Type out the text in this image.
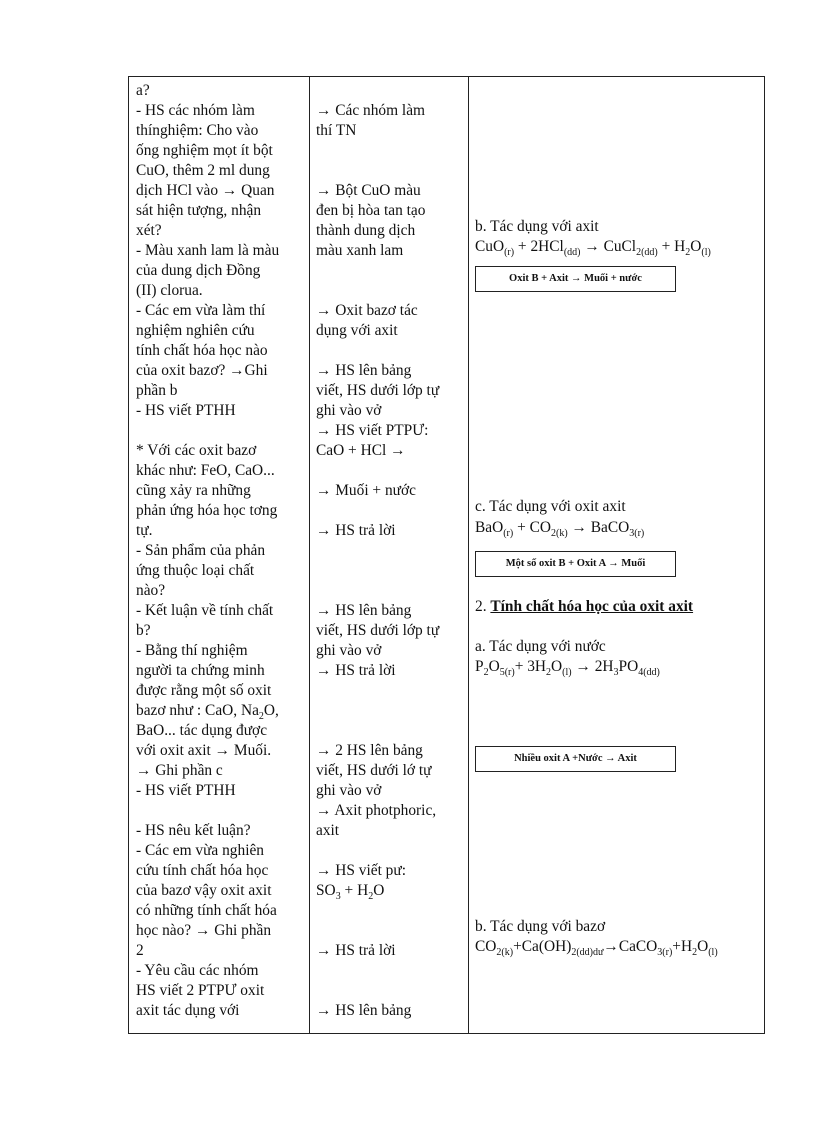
a?
- HS các nhóm làm
thínghiệm: Cho vào
ống nghiệm mọt ít bột
CuO, thêm 2 ml dung
dịch HCl vào → Quan
sát hiện tượng, nhận
xét?
- Màu xanh lam là màu
của dung dịch Đồng
(II) clorua.
- Các em vừa làm thí
nghiệm nghiên cứu
tính chất hóa học nào
của oxit bazơ? →Ghi
phần b
- HS viết PTHH
* Với các oxit bazơ
khác như: FeO, CaO...
cũng xảy ra những
phản ứng hóa học tơng
tự.
- Sản phẩm của phản
ứng thuộc loại chất
nào?
- Kết luận về tính chất
b?
- Bằng thí nghiệm
người ta chứng minh
được rằng một số oxit
bazơ như : CaO, $Na_2O$,
BaO... tác dụng được
với oxit axit → Muối.
→ Ghi phần c
- HS viết PTHH
- HS nêu kết luận?
- Các em vừa nghiên
cứu tính chất hóa học
của bazơ vậy oxit axit
có những tính chất hóa
học nào? → Ghi phần
2
- Yêu cầu các nhóm
HS viết 2 PTPƯ oxit
axit tác dụng với
→ Các nhóm làm
thí TN
→ Bột CuO màu
đen bị hòa tan tạo
thành dung dịch
màu xanh lam
→ Oxit bazơ tác
dụng với axit
→ HS lên bảng
viết, HS dưới lớp tự
ghi vào vở
→ HS viết PTPƯ:
CaO + HCl →
→ Muối + nước
→ HS trả lời
→ HS lên bảng
viết, HS dưới lớp tự
ghi vào vở
→ HS trả lời
→ 2 HS lên bảng
viết, HS dưới lớ tự
ghi vào vở
→ Axit photphoric,
axit
→ HS viết pư:
$SO_3 + H_2O$
→ HS trả lời
→ HS lên bảng
b. Tác dụng với axit
CuO$_{(r)}$ + 2HCl$_{(dd)}$ → CuCl$_{2(dd)}$ + $H_2O_{(l)}$
Oxit B + Axit → Muối + nước
c. Tác dụng với oxit axit
$BaO_{(r)} + CO_{2(k)}$ → BaCO$_{3(r)}$
Một số oxit B + Oxit A → Muối
2. Tính chất hóa học của oxit axit
a. Tác dụng với nước
$P_2O_{5(r)}+ 3H_2O_{(l)} \to 2H_3PO_{4(dd)}$
Nhiều oxit A +Nước → Axit
b. Tác dụng với bazơ
$CO_{2(k)}+Ca(OH)_{2(dd)dư}\to CaCO_{3(r)}+H_2O_{(l)}$
